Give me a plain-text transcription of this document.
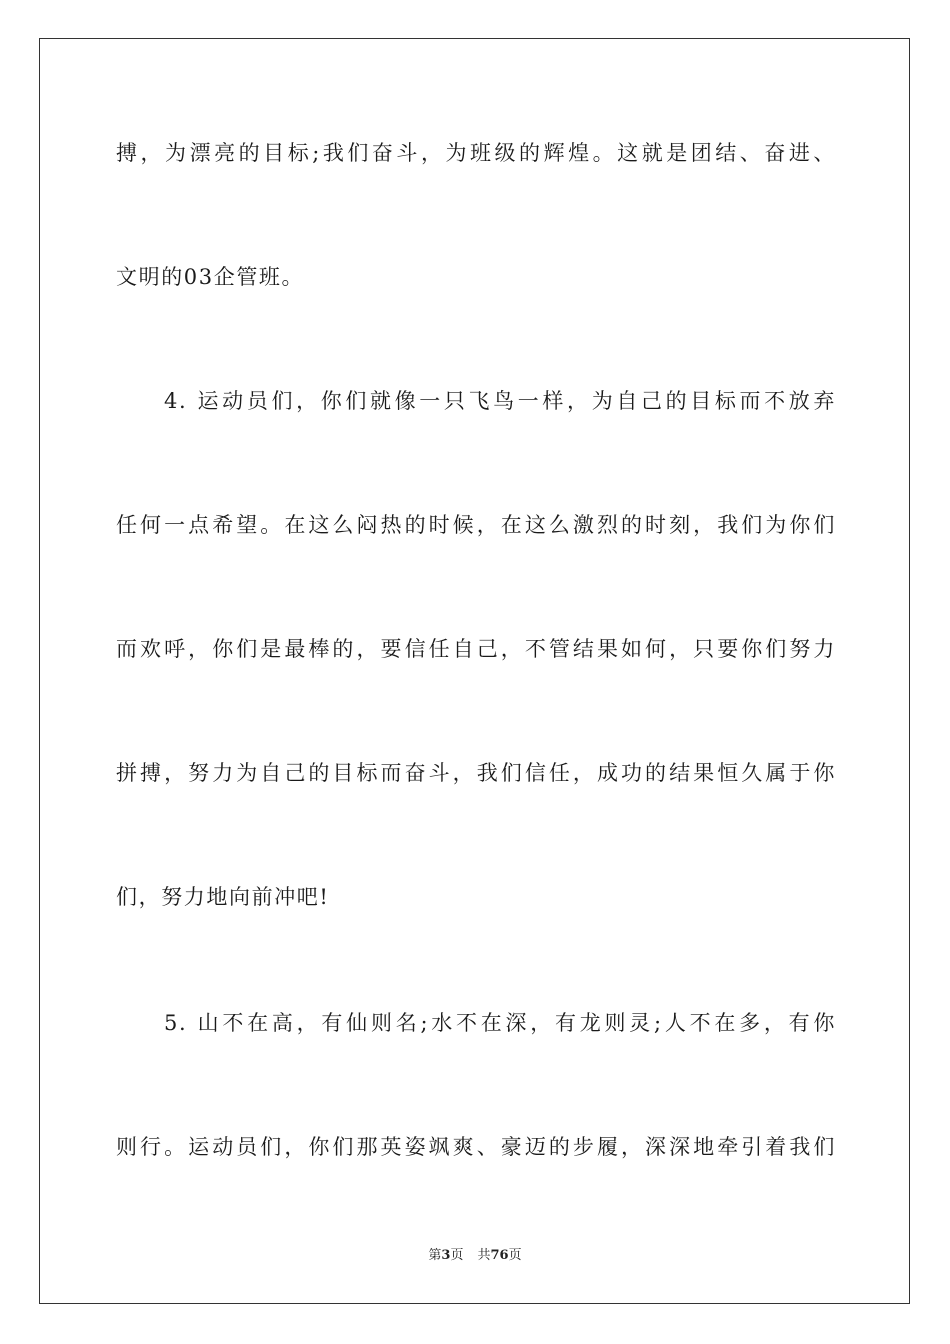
搏，为漂亮的目标;我们奋斗，为班级的辉煌。这就是团结、奋进、
文明的03企管班。
4. 运动员们，你们就像一只飞鸟一样，为自己的目标而不放弃
任何一点希望。在这么闷热的时候，在这么激烈的时刻，我们为你们
而欢呼，你们是最棒的，要信任自己，不管结果如何，只要你们努力
拼搏，努力为自己的目标而奋斗，我们信任，成功的结果恒久属于你
们，努力地向前冲吧!
5. 山不在高，有仙则名;水不在深，有龙则灵;人不在多，有你
则行。运动员们，你们那英姿飒爽、豪迈的步履，深深地牵引着我们
第3页 共76页
